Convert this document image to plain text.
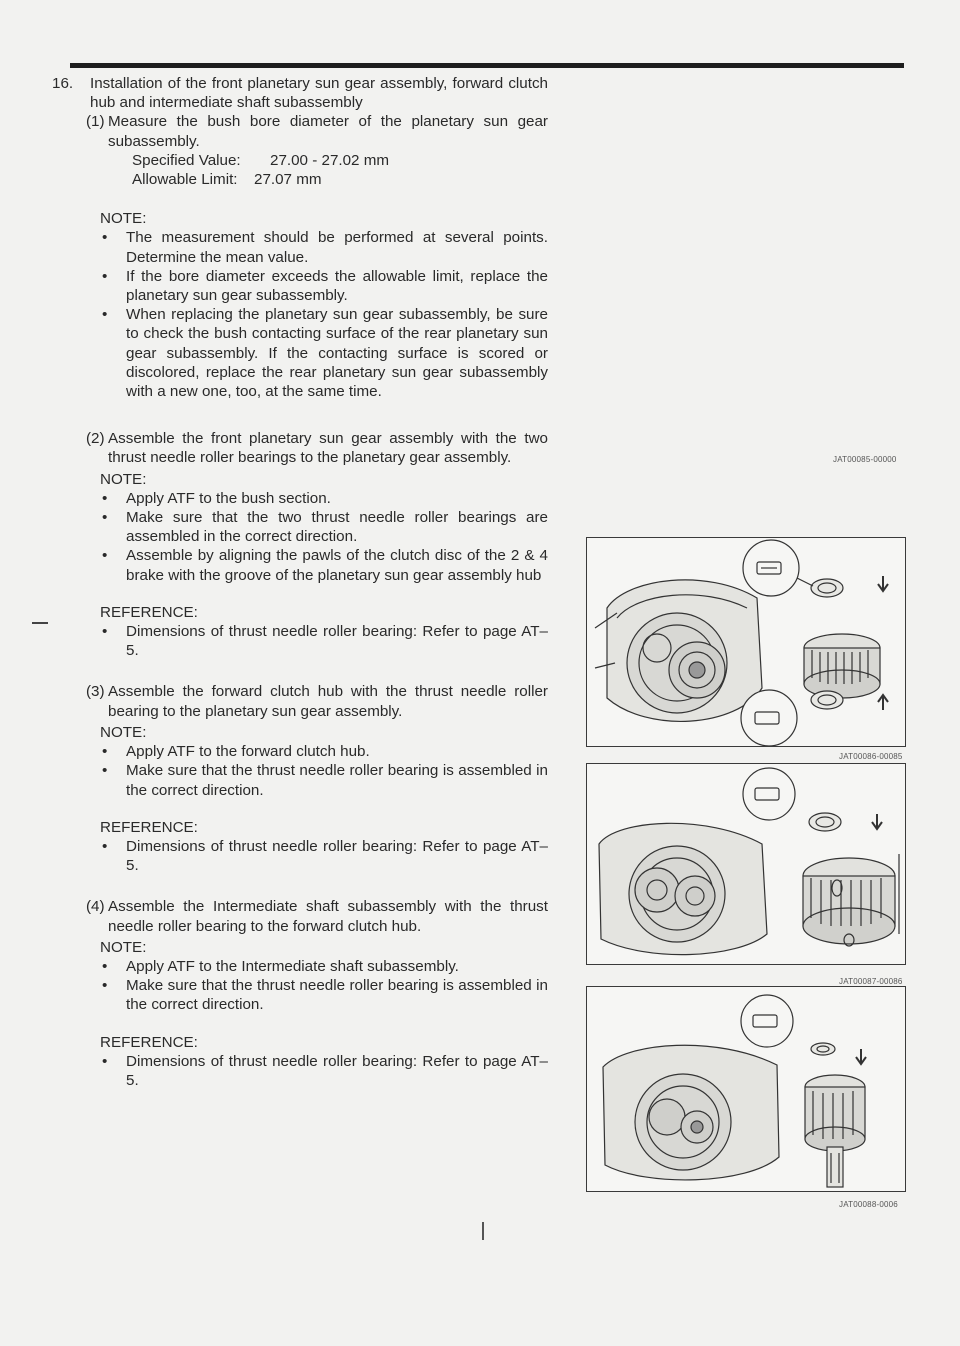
16.	Installation of the front planetary sun gear assembly, forward clutch hub and intermediate shaft subassembly
(1) Measure the bush bore diameter of the planetary sun gear subassembly.
Specified Value:	27.00 - 27.02 mm
Allowable Limit:	27.07 mm
NOTE:
•	The measurement should be performed at several points. Determine the mean value.
•	If the bore diameter exceeds the allowable limit, replace the planetary sun gear subassembly.
•	When replacing the planetary sun gear subassembly, be sure to check the bush contacting surface of the rear planetary sun gear subassembly. If the contacting surface is scored or discolored, replace the rear planetary sun gear subassembly with a new one, too, at the same time.
(2) Assemble the front planetary sun gear assembly with the two thrust needle roller bearings to the planetary gear assembly.
NOTE:
•	Apply ATF to the bush section.
•	Make sure that the two thrust needle roller bearings are assembled in the correct direction.
•	Assemble by aligning the pawls of the clutch disc of the 2 & 4 brake with the groove of the planetary sun gear assembly hub
REFERENCE:
•	Dimensions of thrust needle roller bearing: Refer to page AT–5.
(3) Assemble the forward clutch hub with the thrust needle roller bearing to the planetary sun gear assembly.
NOTE:
•	Apply ATF to the forward clutch hub.
•	Make sure that the thrust needle roller bearing is assembled in the correct direction.
REFERENCE:
•	Dimensions of thrust needle roller bearing: Refer to page AT–5.
(4) Assemble the Intermediate shaft subassembly with the thrust needle roller bearing to the forward clutch hub.
NOTE:
•	Apply ATF to the Intermediate shaft subassembly.
•	Make sure that the thrust needle roller bearing is assembled in the correct direction.
REFERENCE:
•	Dimensions of thrust needle roller bearing: Refer to page AT–5.
JAT00085-00000
JAT00086-00085
JAT00087-00086
JAT00088-0006
